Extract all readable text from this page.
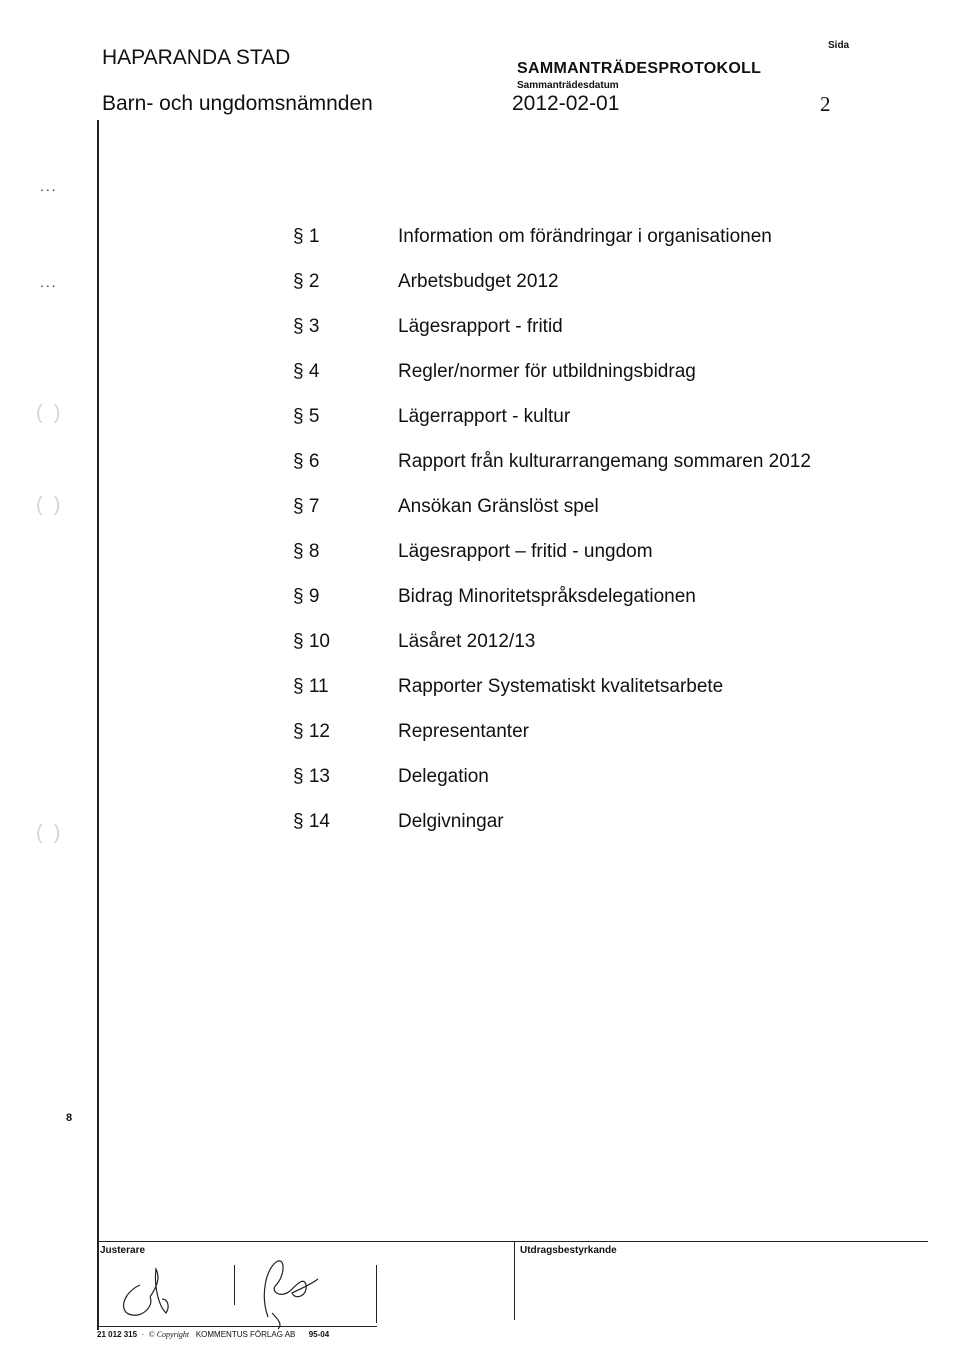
HAPARANDA STAD
Barn- och ungdomsnämnden
SAMMANTRÄDESPROTOKOLL
Sammanträdesdatum
2012-02-01
Sida
2
...
...
(  )
(  )
(  )
8
§ 1	Information om förändringar i organisationen
§ 2	Arbetsbudget 2012
§ 3	Lägesrapport - fritid
§ 4	Regler/normer för utbildningsbidrag
§ 5	Lägerrapport - kultur
§ 6	Rapport från kulturarrangemang sommaren 2012
§ 7	Ansökan Gränslöst spel
§ 8	Lägesrapport – fritid - ungdom
§ 9	Bidrag Minoritetspråksdelegationen
§ 10	Läsåret 2012/13
§ 11	Rapporter Systematiskt kvalitetsarbete
§ 12	Representanter
§ 13	Delegation
§ 14	Delgivningar
Justerare	Utdragsbestyrkande
21 012 315  ·  © Copyright KOMMENTUS FÖRLAG AB 95-04
